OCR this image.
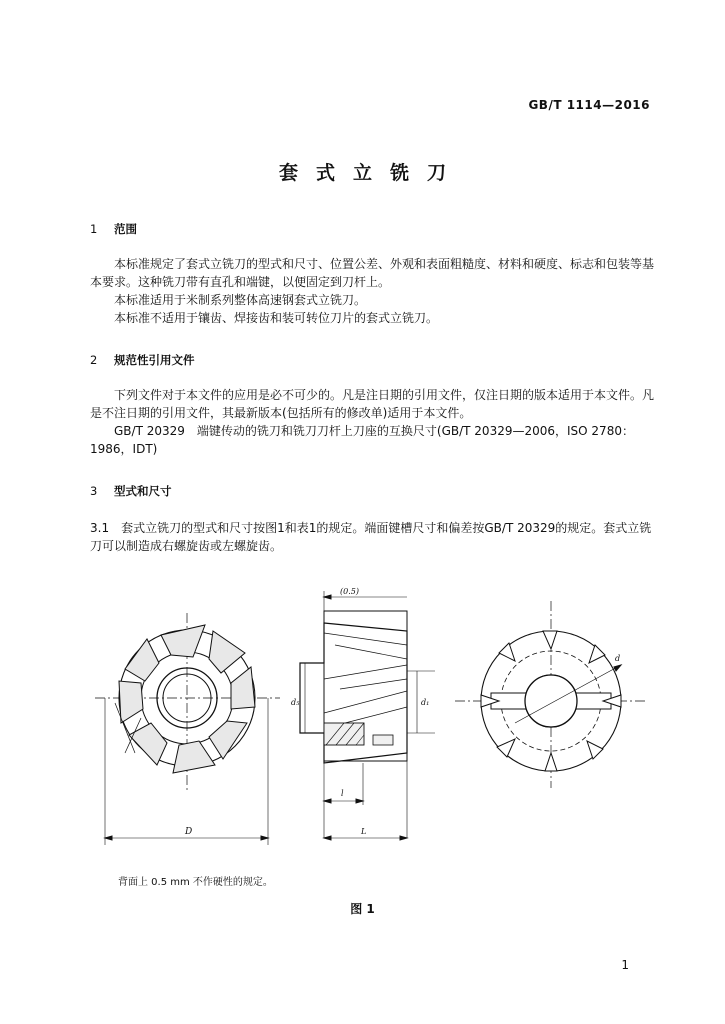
GB/T 1114—2016
套式立铣刀
1 范围
本标准规定了套式立铣刀的型式和尺寸、位置公差、外观和表面粗糙度、材料和硬度、标志和包装等基本要求。这种铣刀带有直孔和端键，以便固定到刀杆上。
本标准适用于米制系列整体高速钢套式立铣刀。
本标准不适用于镶齿、焊接齿和装可转位刀片的套式立铣刀。
2 规范性引用文件
下列文件对于本文件的应用是必不可少的。凡是注日期的引用文件，仅注日期的版本适用于本文件。凡是不注日期的引用文件，其最新版本(包括所有的修改单)适用于本文件。
GB/T 20329　端键传动的铣刀和铣刀刀杆上刀座的互换尺寸(GB/T 20329—2006，ISO 2780：1986，IDT)
3 型式和尺寸
3.1 套式立铣刀的型式和尺寸按图1和表1的规定。端面键槽尺寸和偏差按GB/T 20329的规定。套式立铣刀可以制造成右螺旋齿或左螺旋齿。
D
(0.5)
d₅	d₁
l
L
d
背面上 0.5 mm 不作硬性的规定。
图 1
1
